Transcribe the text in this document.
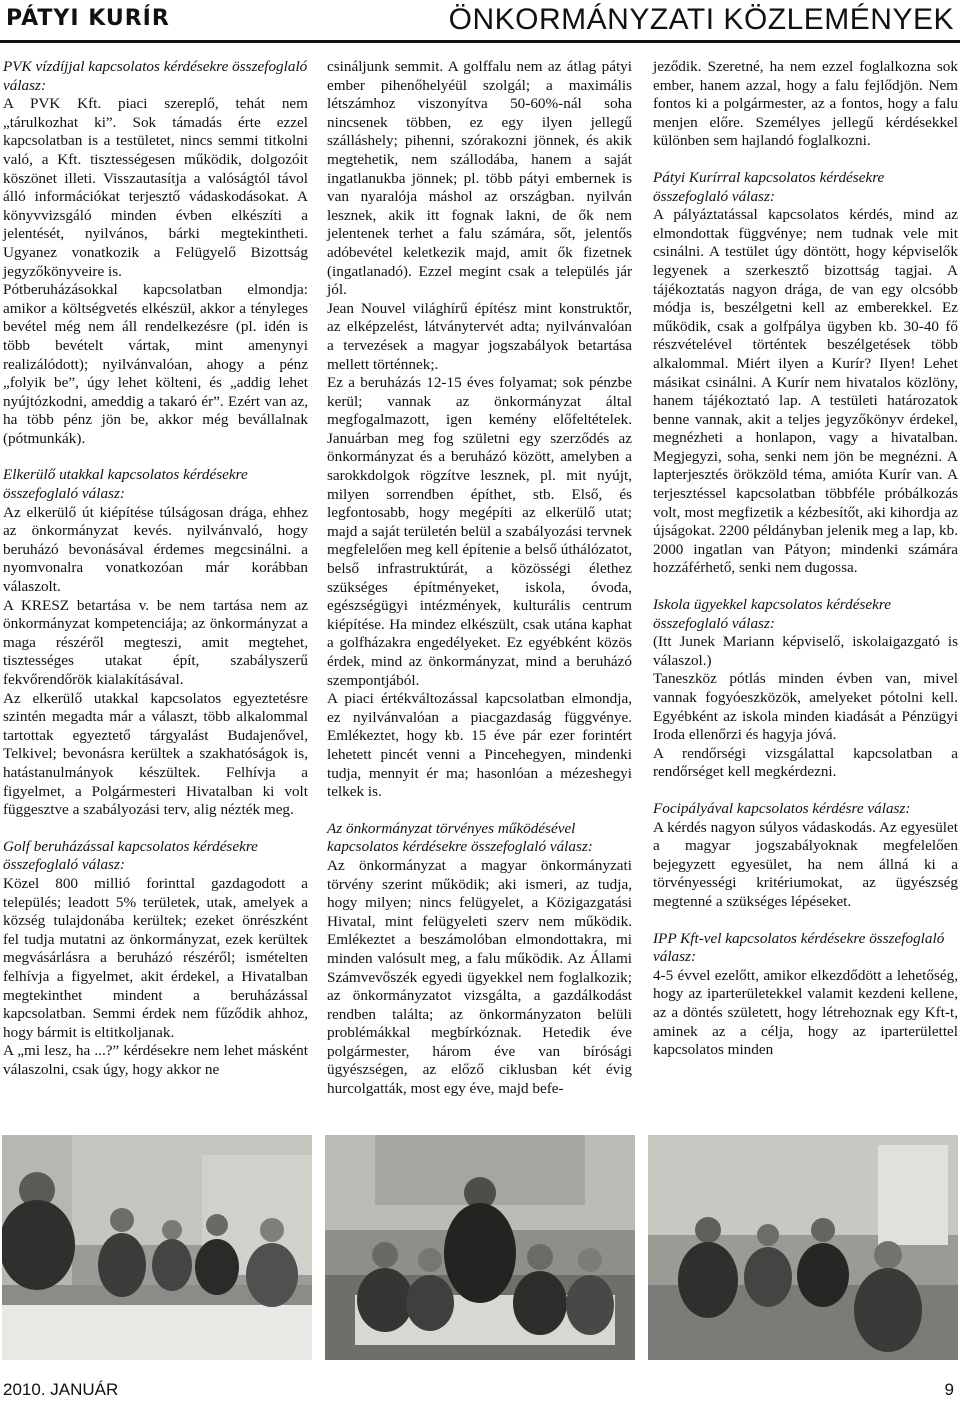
PÁTYI KURÍR	ÖNKORMÁNYZATI KÖZLEMÉNYEK

PVK vízdíjjal kapcsolatos kérdésekre összefoglaló válasz:

A PVK Kft. piaci szereplő, tehát nem „tárulkozhat ki”. Sok támadás érte ezzel kapcsolatban is a testületet, nincs semmi titkolni való, a Kft. tisztességesen működik, dolgozóit köszönet illeti. Visszautasítja a valóságtól távol álló információkat terjesztő vádaskodásokat. A könyvvizsgáló minden évben elkészíti a jelentését, nyilvános, bárki megtekintheti. Ugyanez vonatkozik a Felügyelő Bizottság jegyzőkönyveire is.

Pótberuházásokkal kapcsolatban elmondja: amikor a költségvetés elkészül, akkor a tényleges bevétel még nem áll rendelkezésre (pl. idén is több bevételt vártak, mint amenynyi realizálódott); nyilvánvalóan, ahogy a pénz „folyik be”, úgy lehet költeni, és „addig lehet nyújtózkodni, ameddig a takaró ér”. Ezért van az, ha több pénz jön be, akkor még bevállalnak (pótmunkák).

Elkerülő utakkal kapcsolatos kérdésekre összefoglaló válasz:

Az elkerülő út kiépítése túlságosan drága, ehhez az önkormányzat kevés. nyilvánvaló, hogy beruházó bevonásával érdemes megcsinálni. a nyomvonalra vonatkozóan már korábban válaszolt.

A KRESZ betartása v. be nem tartása nem az önkormányzat kompetenciája; az önkormányzat a maga részéről megteszi, amit megtehet, tisztességes utakat épít, szabályszerű fekvőrendőrök kialakításával.

Az elkerülő utakkal kapcsolatos egyeztetésre szintén megadta már a választ, több alkalommal tartottak egyeztető tárgyalást Budajenővel, Telkivel; bevonásra kerültek a szakhatóságok is, hatástanulmányok készültek. Felhívja a figyelmet, a Polgármesteri Hivatalban ki volt függesztve a szabályozási terv, alig nézték meg.

Golf beruházással kapcsolatos kérdésekre összefoglaló válasz:

Közel 800 millió forinttal gazdagodott a település; leadott 5% területek, utak, amelyek a község tulajdonába kerültek; ezeket önrészként fel tudja mutatni az önkormányzat, ezek kerültek megvásárlásra a beruházó részéről; ismételten felhívja a figyelmet, akit érdekel, a Hivatalban megtekinthet mindent a beruházással kapcsolatban. Semmi érdek nem fűződik ahhoz, hogy bármit is eltitkoljanak.

A „mi lesz, ha ...?” kérdésekre nem lehet másként válaszolni, csak úgy, hogy akkor ne

csináljunk semmit. A golffalu nem az átlag pátyi ember pihenőhelyéül szolgál; a maximális létszámhoz viszonyítva 50-60%-nál soha nincsenek többen, ez egy ilyen jellegű szálláshely; pihenni, szórakozni jönnek, és akik megtehetik, nem szállodába, hanem a saját ingatlanukba jönnek; pl. több pátyi embernek is van nyaralója máshol az országban. nyilván lesznek, akik itt fognak lakni, de ők nem jelentenek terhet a falu számára, sőt, jelentős adóbevétel keletkezik majd, amit ők fizetnek (ingatlanadó). Ezzel megint csak a település jár jól.

Jean Nouvel világhírű építész mint konstruktőr, az elképzelést, látványtervét adta; nyilvánvalóan a tervezések a magyar jogszabályok betartása mellett történnek;.

Ez a beruházás 12-15 éves folyamat; sok pénzbe kerül; vannak az önkormányzat által megfogalmazott, igen kemény előfeltételek. Januárban meg fog születni egy szerződés az önkormányzat és a beruházó között, amelyben a sarokkdolgok rögzítve lesznek, pl. mit nyújt, milyen sorrendben építhet, stb. Első, és legfontosabb, hogy megépíti az elkerülő utat; majd a saját területén belül a szabályozási tervnek megfelelően meg kell építenie a belső úthálózatot, belső infrastruktúrát, a közösségi élethez szükséges építményeket, iskola, óvoda, egészségügyi intézmények, kulturális centrum kiépítése. Ha mindez elkészült, csak utána kaphat a golfházakra engedélyeket. Ez egyébként közös érdek, mind az önkormányzat, mind a beruházó szempontjából.

A piaci értékváltozással kapcsolatban elmondja, ez nyilvánvalóan a piacgazdaság függvénye. Emlékeztet, hogy kb. 15 éve pár ezer forintért lehetett pincét venni a Pincehegyen, mindenki tudja, mennyit ér ma; hasonlóan a mézeshegyi telkek is.

Az önkormányzat törvényes működésével kapcsolatos kérdésekre összefoglaló válasz:

Az önkormányzat a magyar önkormányzati törvény szerint működik; aki ismeri, az tudja, hogy milyen; nincs felügyelet, a Közigazgatási Hivatal, mint felügyeleti szerv nem működik. Emlékeztet a beszámolóban elmondottakra, mi minden valósult meg, a falu működik. Az Állami Számvevőszék egyedi ügyekkel nem foglalkozik; az önkormányzatot vizsgálta, a gazdálkodást rendben találta; az önkormányzaton belüli problémákkal megbírkóznak. Hetedik éve polgármester, három éve van bírósági ügyészségen, az előző ciklusban két évig hurcolgatták, most egy éve, majd befe-

jeződik. Szeretné, ha nem ezzel foglalkozna sok ember, hanem azzal, hogy a falu fejlődjön. Nem fontos ki a polgármester, az a fontos, hogy a falu menjen előre. Személyes jellegű kérdésekkel különben sem hajlandó foglalkozni.

Pátyi Kurírral kapcsolatos kérdésekre összefoglaló válasz:

A pályáztatással kapcsolatos kérdés, mind az elmondottak függvénye; nem tudnak vele mit csinálni. A testület úgy döntött, hogy képviselők legyenek a szerkesztő bizottság tagjai. A tájékoztatás nagyon drága, de van egy olcsóbb módja is, beszélgetni kell az emberekkel. Ez működik, csak a golfpálya ügyben kb. 30-40 fő részvételével történtek beszélgetések több alkalommal. Miért ilyen a Kurír? Ilyen! Lehet másikat csinálni. A Kurír nem hivatalos közlöny, hanem tájékoztató lap. A testületi határozatok benne vannak, akit a teljes jegyzőkönyv érdekel, megnézheti a honlapon, vagy a hivatalban. Megjegyzi, soha, senki nem jön be megnézni. A lapterjesztés örökzöld téma, amióta Kurír van. A terjesztéssel kapcsolatban többféle próbálkozás volt, most megfizetik a kézbesítőt, aki kihordja az újságokat. 2200 példányban jelenik meg a lap, kb. 2000 ingatlan van Pátyon; mindenki számára hozzáférhető, senki nem dugossa.

Iskola ügyekkel kapcsolatos kérdésekre összefoglaló válasz:

(Itt Junek Mariann képviselő, iskolaigazgató is válaszol.)

Taneszköz pótlás minden évben van, mivel vannak fogyóeszközök, amelyeket pótolni kell. Egyébként az iskola minden kiadását a Pénzügyi Iroda ellenőrzi és hagyja jóvá.

A rendőrségi vizsgálattal kapcsolatban a rendőrséget kell megkérdezni.

Focipályával kapcsolatos kérdésre válasz:

A kérdés nagyon súlyos vádaskodás. Az egyesület a magyar jogszabályoknak megfelelően bejegyzett egyesület, ha nem állná ki a törvényességi kritériumokat, az ügyészség megtenné a szükséges lépéseket.

IPP Kft-vel kapcsolatos kérdésekre összefoglaló válasz:

4-5 évvel ezelőtt, amikor elkezdődött a lehetőség, hogy az iparterületekkel valamit kezdeni kellene, az a döntés született, hogy létrehoznak egy Kft-t, aminek az a célja, hogy az iparterülettel kapcsolatos minden

2010. JANUÁR	9
